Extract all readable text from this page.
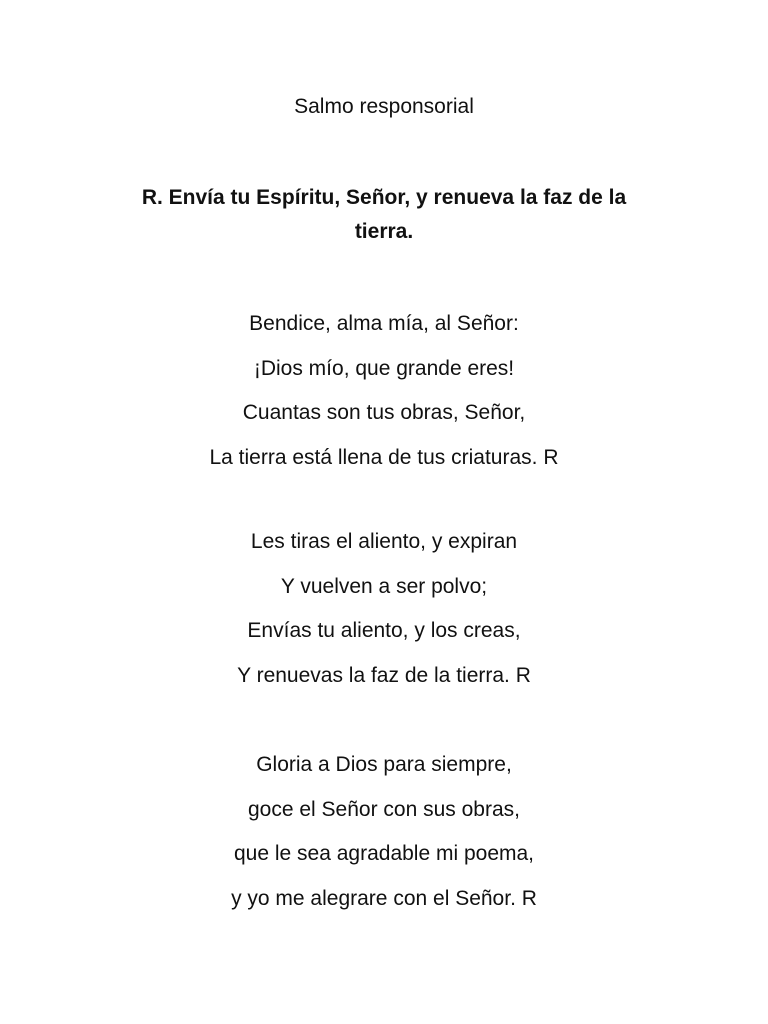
Salmo responsorial
R. Envía tu Espíritu, Señor, y renueva la faz de la tierra.
Bendice, alma mía, al Señor:
¡Dios mío, que grande eres!
Cuantas son tus obras, Señor,
La tierra está llena de tus criaturas. R
Les tiras el aliento, y expiran
Y vuelven a ser polvo;
Envías tu aliento, y los creas,
Y renuevas la faz de la tierra. R
Gloria a Dios para siempre,
goce el Señor con sus obras,
que le sea agradable mi poema,
y yo me alegrare con el Señor. R
